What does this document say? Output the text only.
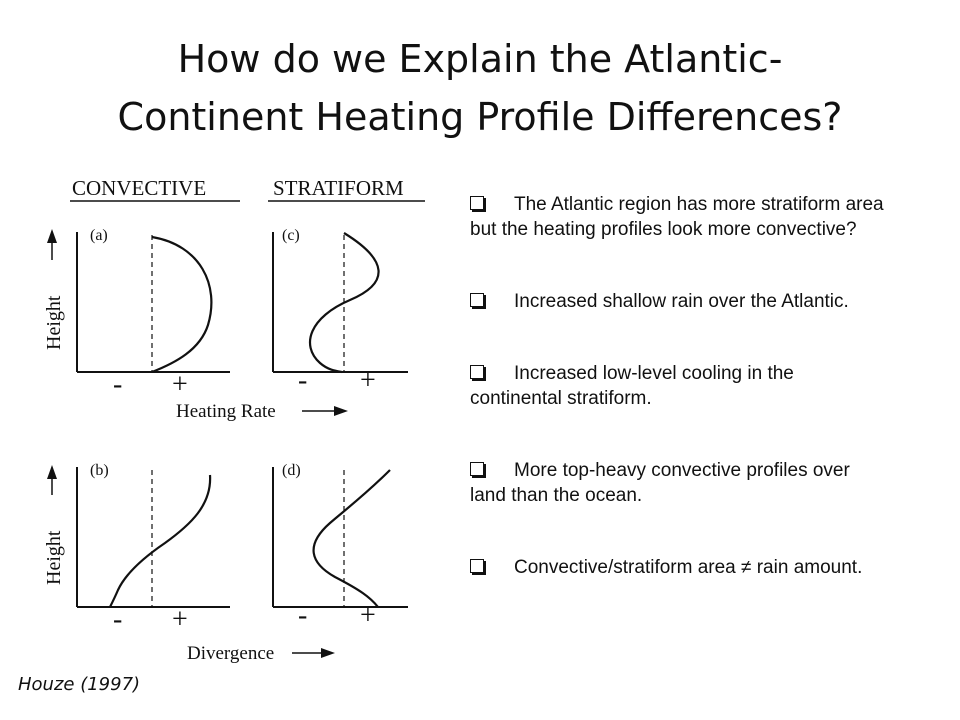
How do we Explain the Atlantic-
Continent Heating Profile Differences?
CONVECTIVE	STRATIFORM
Height
Height
(a)
- +
(c)
- +
Heating Rate
(b)
- +
(d)
- +
Divergence
The Atlantic region has more stratiform area but the heating profiles look more convective?
Increased shallow rain over the Atlantic.
Increased low-level cooling in the continental stratiform.
More top-heavy convective profiles over land than the ocean.
Convective/stratiform area ≠ rain amount.
Houze (1997)
